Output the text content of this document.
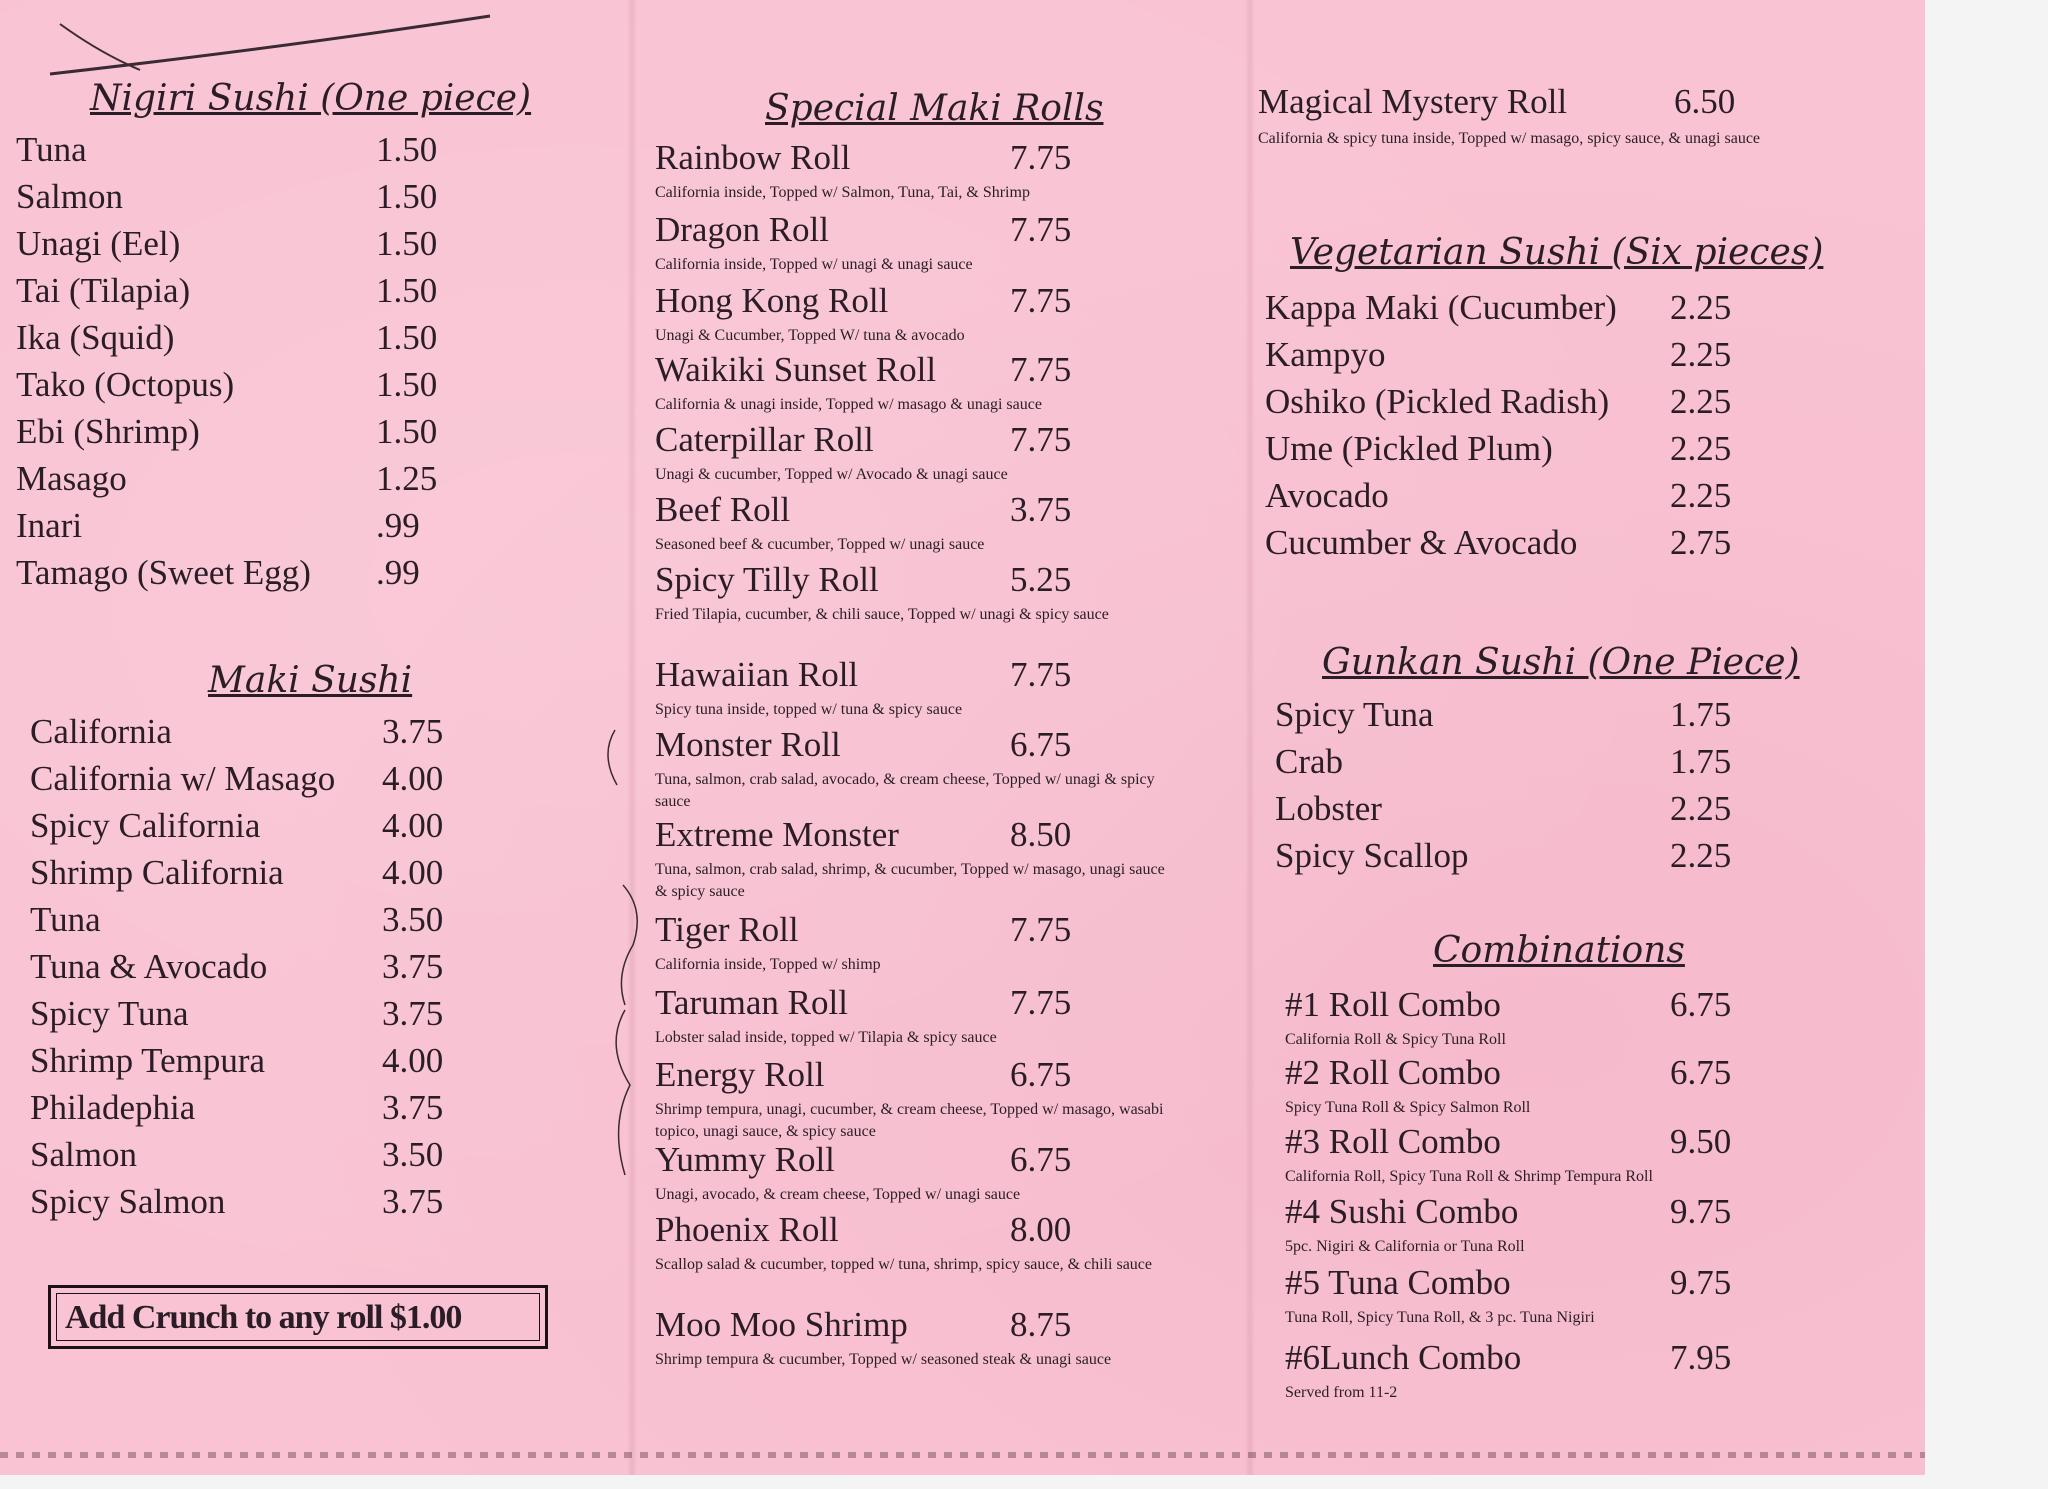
Nigiri Sushi (One piece)
Tuna	1.50
Salmon	1.50
Unagi (Eel)	1.50
Tai (Tilapia)	1.50
Ika (Squid)	1.50
Tako (Octopus)	1.50
Ebi (Shrimp)	1.50
Masago	1.25
Inari	.99
Tamago (Sweet Egg) .99
Maki Sushi
California	3.75
California w/ Masago 4.00
Spicy California	4.00
Shrimp California	4.00
Tuna	3.50
Tuna & Avocado	3.75
Spicy Tuna	3.75
Shrimp Tempura	4.00
Philadephia	3.75
Salmon	3.50
Spicy Salmon	3.75
Add Crunch to any roll $1.00
Special Maki Rolls
Rainbow Roll	7.75
California inside, Topped w/ Salmon, Tuna, Tai, & Shrimp
Dragon Roll	7.75
California inside, Topped w/ unagi & unagi sauce
Hong Kong Roll	7.75
Unagi & Cucumber, Topped W/ tuna & avocado
Waikiki Sunset Roll 7.75
California & unagi inside, Topped w/ masago & unagi sauce
Caterpillar Roll	7.75
Unagi & cucumber, Topped w/ Avocado & unagi sauce
Beef Roll	3.75
Seasoned beef & cucumber, Topped w/ unagi sauce
Spicy Tilly Roll	5.25
Fried Tilapia, cucumber, & chili sauce, Topped w/ unagi & spicy sauce
Hawaiian Roll	7.75
Spicy tuna inside, topped w/ tuna & spicy sauce
Monster Roll	6.75
Tuna, salmon, crab salad, avocado, & cream cheese, Topped w/ unagi & spicy sauce
Extreme Monster	8.50
Tuna, salmon, crab salad, shrimp, & cucumber, Topped w/ masago, unagi sauce & spicy sauce
Tiger Roll	7.75
California inside, Topped w/ shimp
Taruman Roll	7.75
Lobster salad inside, topped w/ Tilapia & spicy sauce
Energy Roll	6.75
Shrimp tempura, unagi, cucumber, & cream cheese, Topped w/ masago, wasabi topico, unagi sauce, & spicy sauce
Yummy Roll	6.75
Unagi, avocado, & cream cheese, Topped w/ unagi sauce
Phoenix Roll	8.00
Scallop salad & cucumber, topped w/ tuna, shrimp, spicy sauce, & chili sauce
Moo Moo Shrimp	8.75
Shrimp tempura & cucumber, Topped w/ seasoned steak & unagi sauce
Magical Mystery Roll	6.50
California & spicy tuna inside, Topped w/ masago, spicy sauce, & unagi sauce
Vegetarian Sushi (Six pieces)
Kappa Maki (Cucumber) 2.25
Kampyo	2.25
Oshiko (Pickled Radish) 2.25
Ume (Pickled Plum)	2.25
Avocado	2.25
Cucumber & Avocado	2.75
Gunkan Sushi (One Piece)
Spicy Tuna	1.75
Crab	1.75
Lobster	2.25
Spicy Scallop	2.25
Combinations
#1 Roll Combo	6.75
California Roll & Spicy Tuna Roll
#2 Roll Combo	6.75
Spicy Tuna Roll & Spicy Salmon Roll
#3 Roll Combo	9.50
California Roll, Spicy Tuna Roll & Shrimp Tempura Roll
#4 Sushi Combo	9.75
5pc. Nigiri & California or Tuna Roll
#5 Tuna Combo	9.75
Tuna Roll, Spicy Tuna Roll, & 3 pc. Tuna Nigiri
#6Lunch Combo	7.95
Served from 11-2
